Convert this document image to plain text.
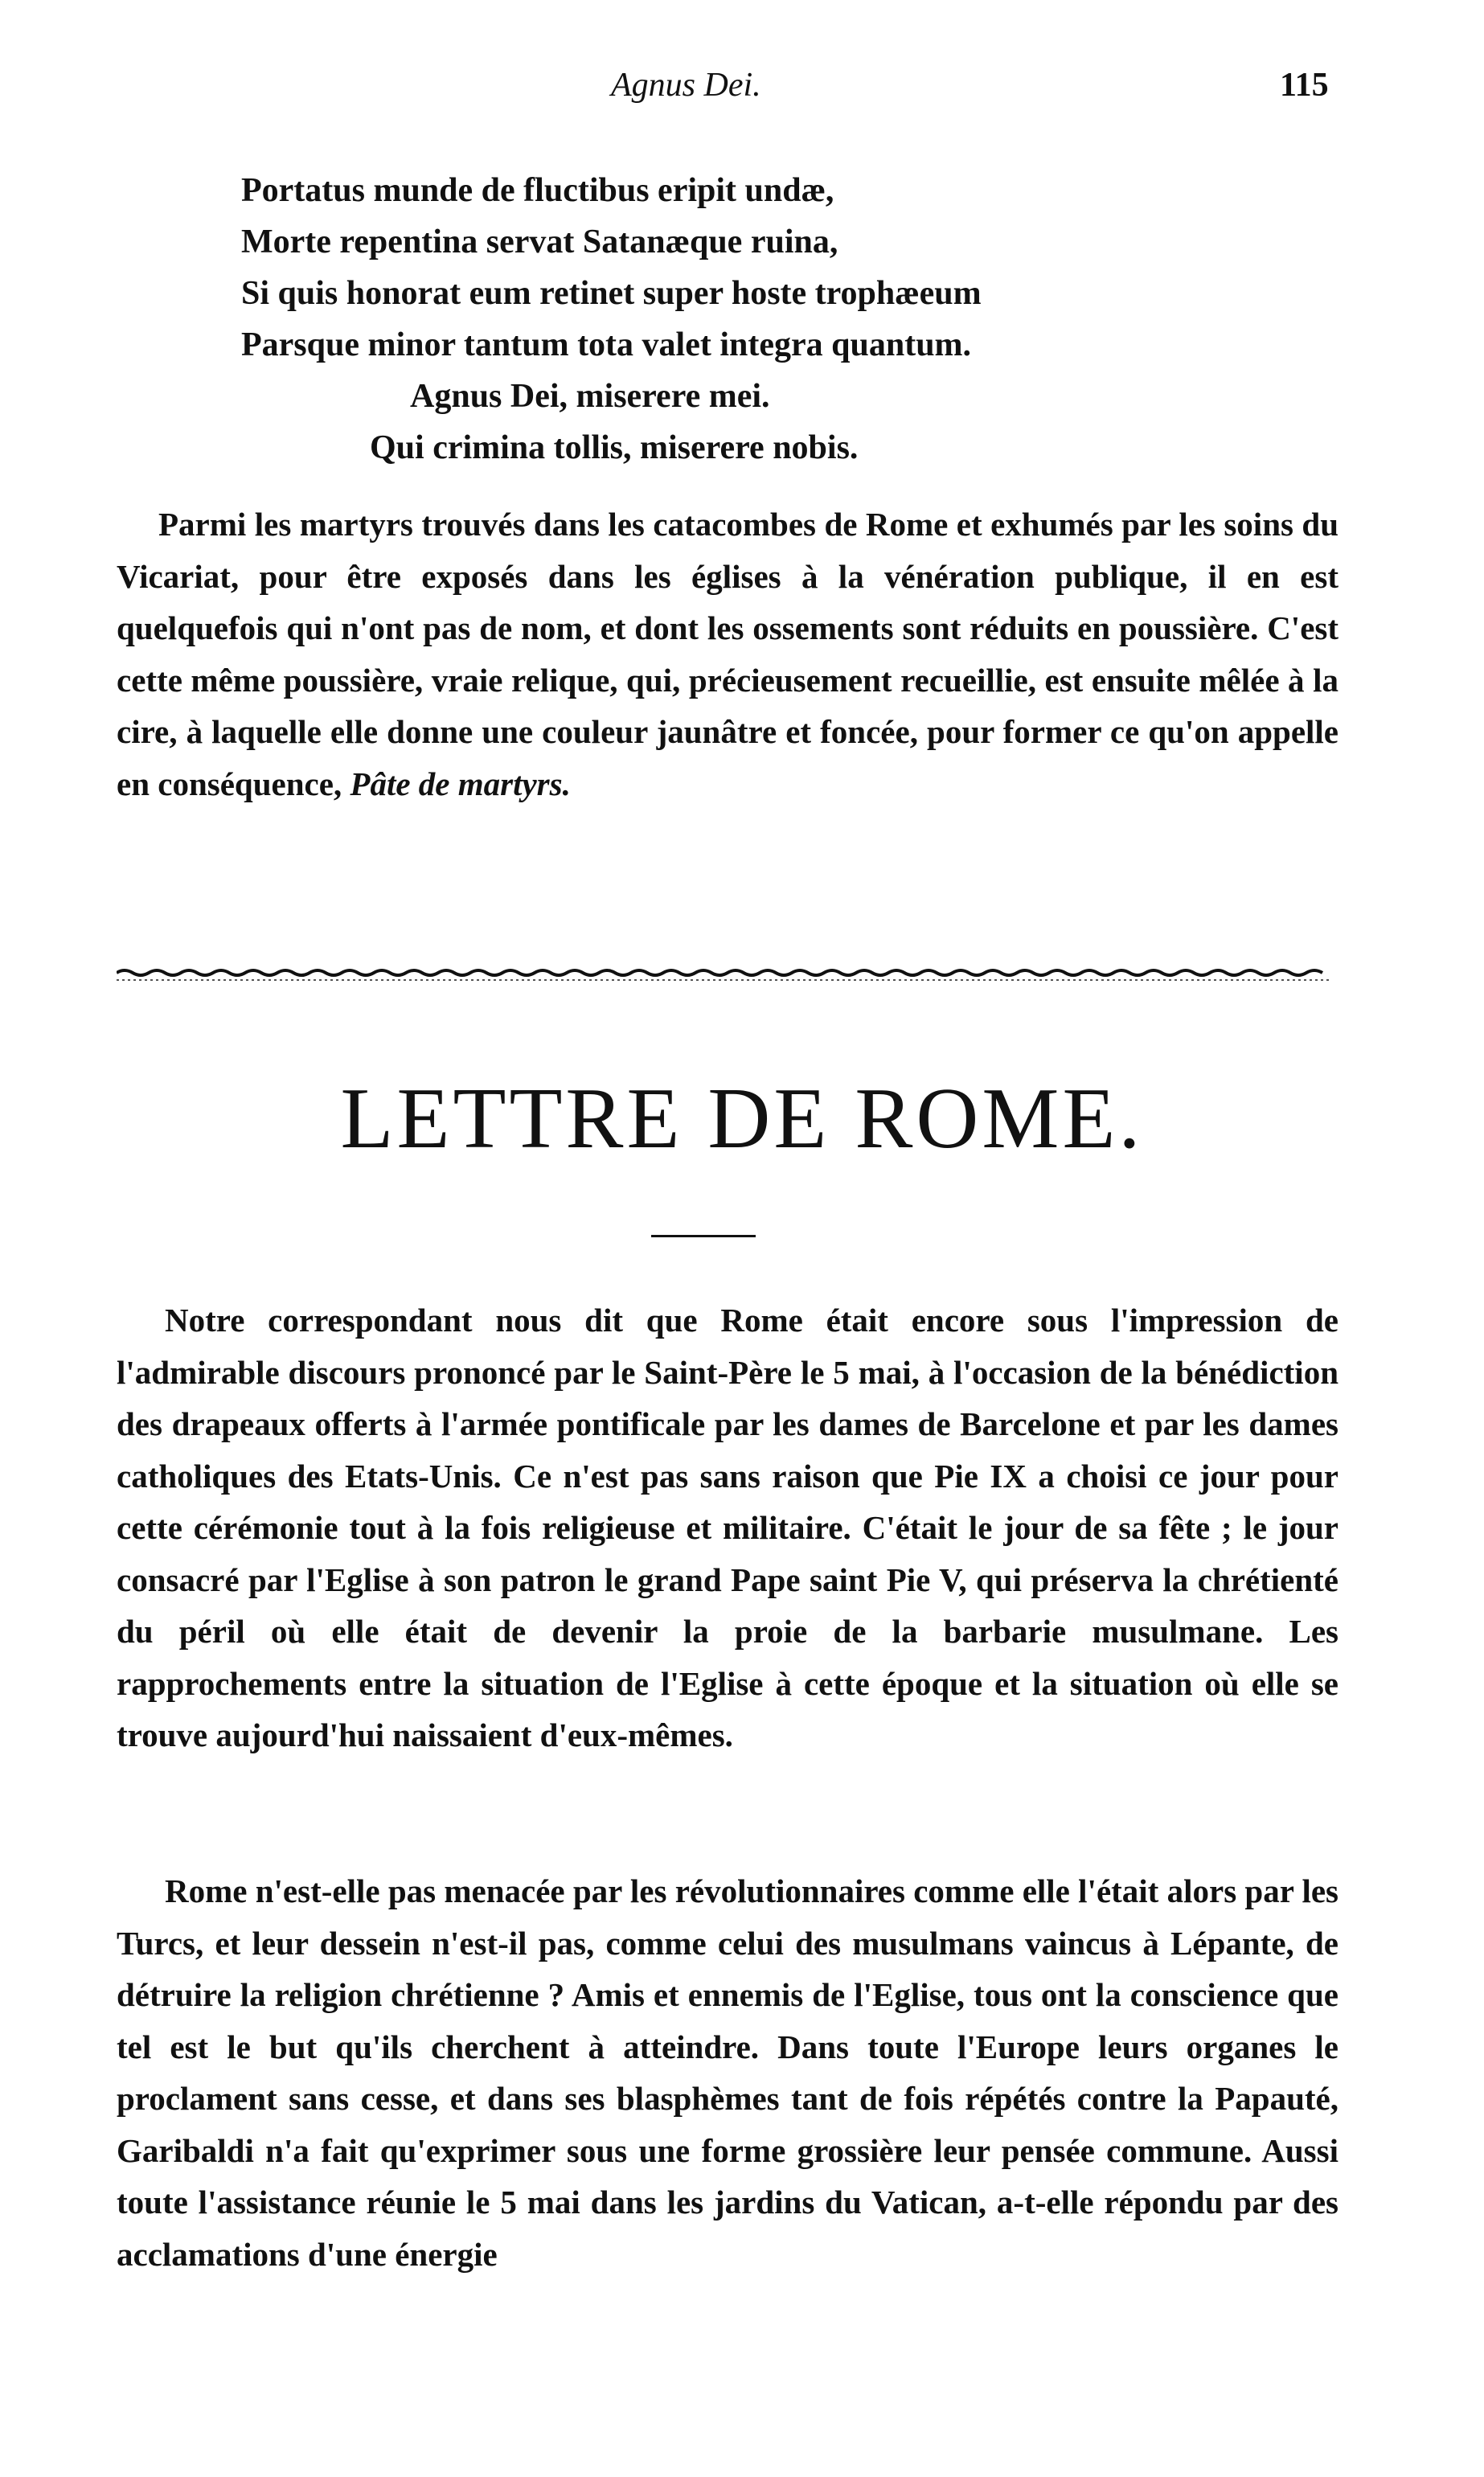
Agnus Dei.	115
Portatus munde de fluctibus eripit undæ,
Morte repentina servat Satanæque ruina,
Si quis honorat eum retinet super hoste trophæeum
Parsque minor tantum tota valet integra quantum.
Agnus Dei, miserere mei.
Qui crimina tollis, miserere nobis.

Parmi les martyrs trouvés dans les catacombes de Rome et exhumés par les soins du Vicariat, pour être exposés dans les églises à la vénération publique, il en est quelquefois qui n'ont pas de nom, et dont les ossements sont réduits en poussière. C'est cette même poussière, vraie relique, qui, précieusement recueillie, est ensuite mêlée à la cire, à laquelle elle donne une couleur jaunâtre et foncée, pour former ce qu'on appelle en conséquence, Pâte de martyrs.

LETTRE DE ROME.

Notre correspondant nous dit que Rome était encore sous l'impression de l'admirable discours prononcé par le Saint-Père le 5 mai, à l'occasion de la bénédiction des drapeaux offerts à l'armée pontificale par les dames de Barcelone et par les dames catholiques des Etats-Unis. Ce n'est pas sans raison que Pie IX a choisi ce jour pour cette cérémonie tout à la fois religieuse et militaire. C'était le jour de sa fête ; le jour consacré par l'Eglise à son patron le grand Pape saint Pie V, qui préserva la chrétienté du péril où elle était de devenir la proie de la barbarie musulmane. Les rapprochements entre la situation de l'Eglise à cette époque et la situation où elle se trouve aujourd'hui naissaient d'eux-mêmes.

Rome n'est-elle pas menacée par les révolutionnaires comme elle l'était alors par les Turcs, et leur dessein n'est-il pas, comme celui des musulmans vaincus à Lépante, de détruire la religion chrétienne ? Amis et ennemis de l'Eglise, tous ont la conscience que tel est le but qu'ils cherchent à atteindre. Dans toute l'Europe leurs organes le proclament sans cesse, et dans ses blasphèmes tant de fois répétés contre la Papauté, Garibaldi n'a fait qu'exprimer sous une forme grossière leur pensée commune. Aussi toute l'assistance réunie le 5 mai dans les jardins du Vatican, a-t-elle répondu par des acclamations d'une énergie
